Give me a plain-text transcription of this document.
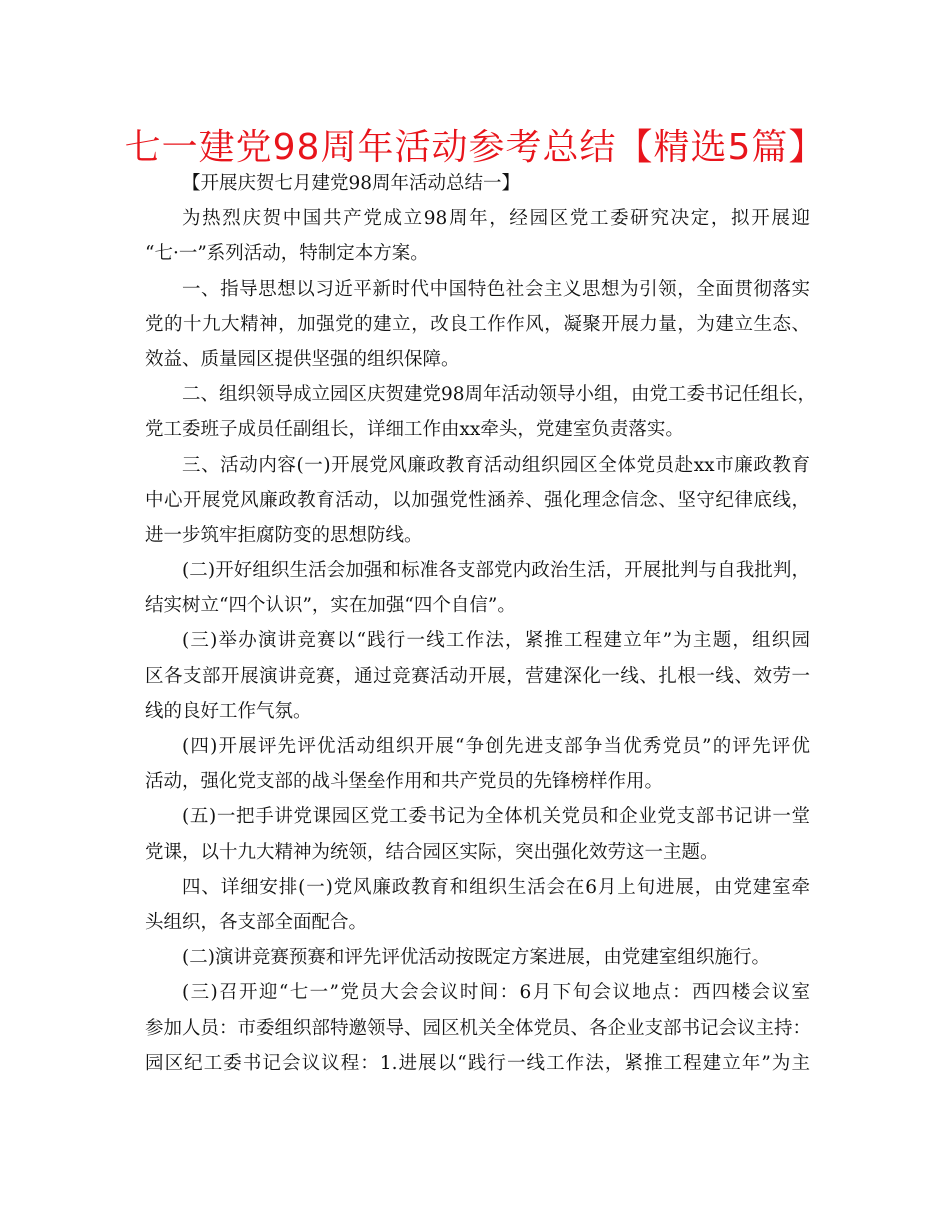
七一建党98周年活动参考总结【精选5篇】
【开展庆贺七月建党98周年活动总结一】
为热烈庆贺中国共产党成立98周年，经园区党工委研究决定，拟开展迎
“七·一”系列活动，特制定本方案。
一、指导思想以习近平新时代中国特色社会主义思想为引领，全面贯彻落实
党的十九大精神，加强党的建立，改良工作作风，凝聚开展力量，为建立生态、
效益、质量园区提供坚强的组织保障。
二、组织领导成立园区庆贺建党98周年活动领导小组，由党工委书记任组长，
党工委班子成员任副组长，详细工作由xx牵头，党建室负责落实。
三、活动内容(一)开展党风廉政教育活动组织园区全体党员赴xx市廉政教育
中心开展党风廉政教育活动，以加强党性涵养、强化理念信念、坚守纪律底线，
进一步筑牢拒腐防变的思想防线。
(二)开好组织生活会加强和标准各支部党内政治生活，开展批判与自我批判，
结实树立“四个认识”，实在加强“四个自信”。
(三)举办演讲竞赛以“践行一线工作法，紧推工程建立年”为主题，组织园
区各支部开展演讲竞赛，通过竞赛活动开展，营建深化一线、扎根一线、效劳一
线的良好工作气氛。
(四)开展评先评优活动组织开展“争创先进支部争当优秀党员”的评先评优
活动，强化党支部的战斗堡垒作用和共产党员的先锋榜样作用。
(五)一把手讲党课园区党工委书记为全体机关党员和企业党支部书记讲一堂
党课，以十九大精神为统领，结合园区实际，突出强化效劳这一主题。
四、详细安排(一)党风廉政教育和组织生活会在6月上旬进展，由党建室牵
头组织，各支部全面配合。
(二)演讲竞赛预赛和评先评优活动按既定方案进展，由党建室组织施行。
(三)召开迎“七一”党员大会会议时间：6月下旬会议地点：西四楼会议室
参加人员：市委组织部特邀领导、园区机关全体党员、各企业支部书记会议主持：
园区纪工委书记会议议程：1.进展以“践行一线工作法，紧推工程建立年”为主
